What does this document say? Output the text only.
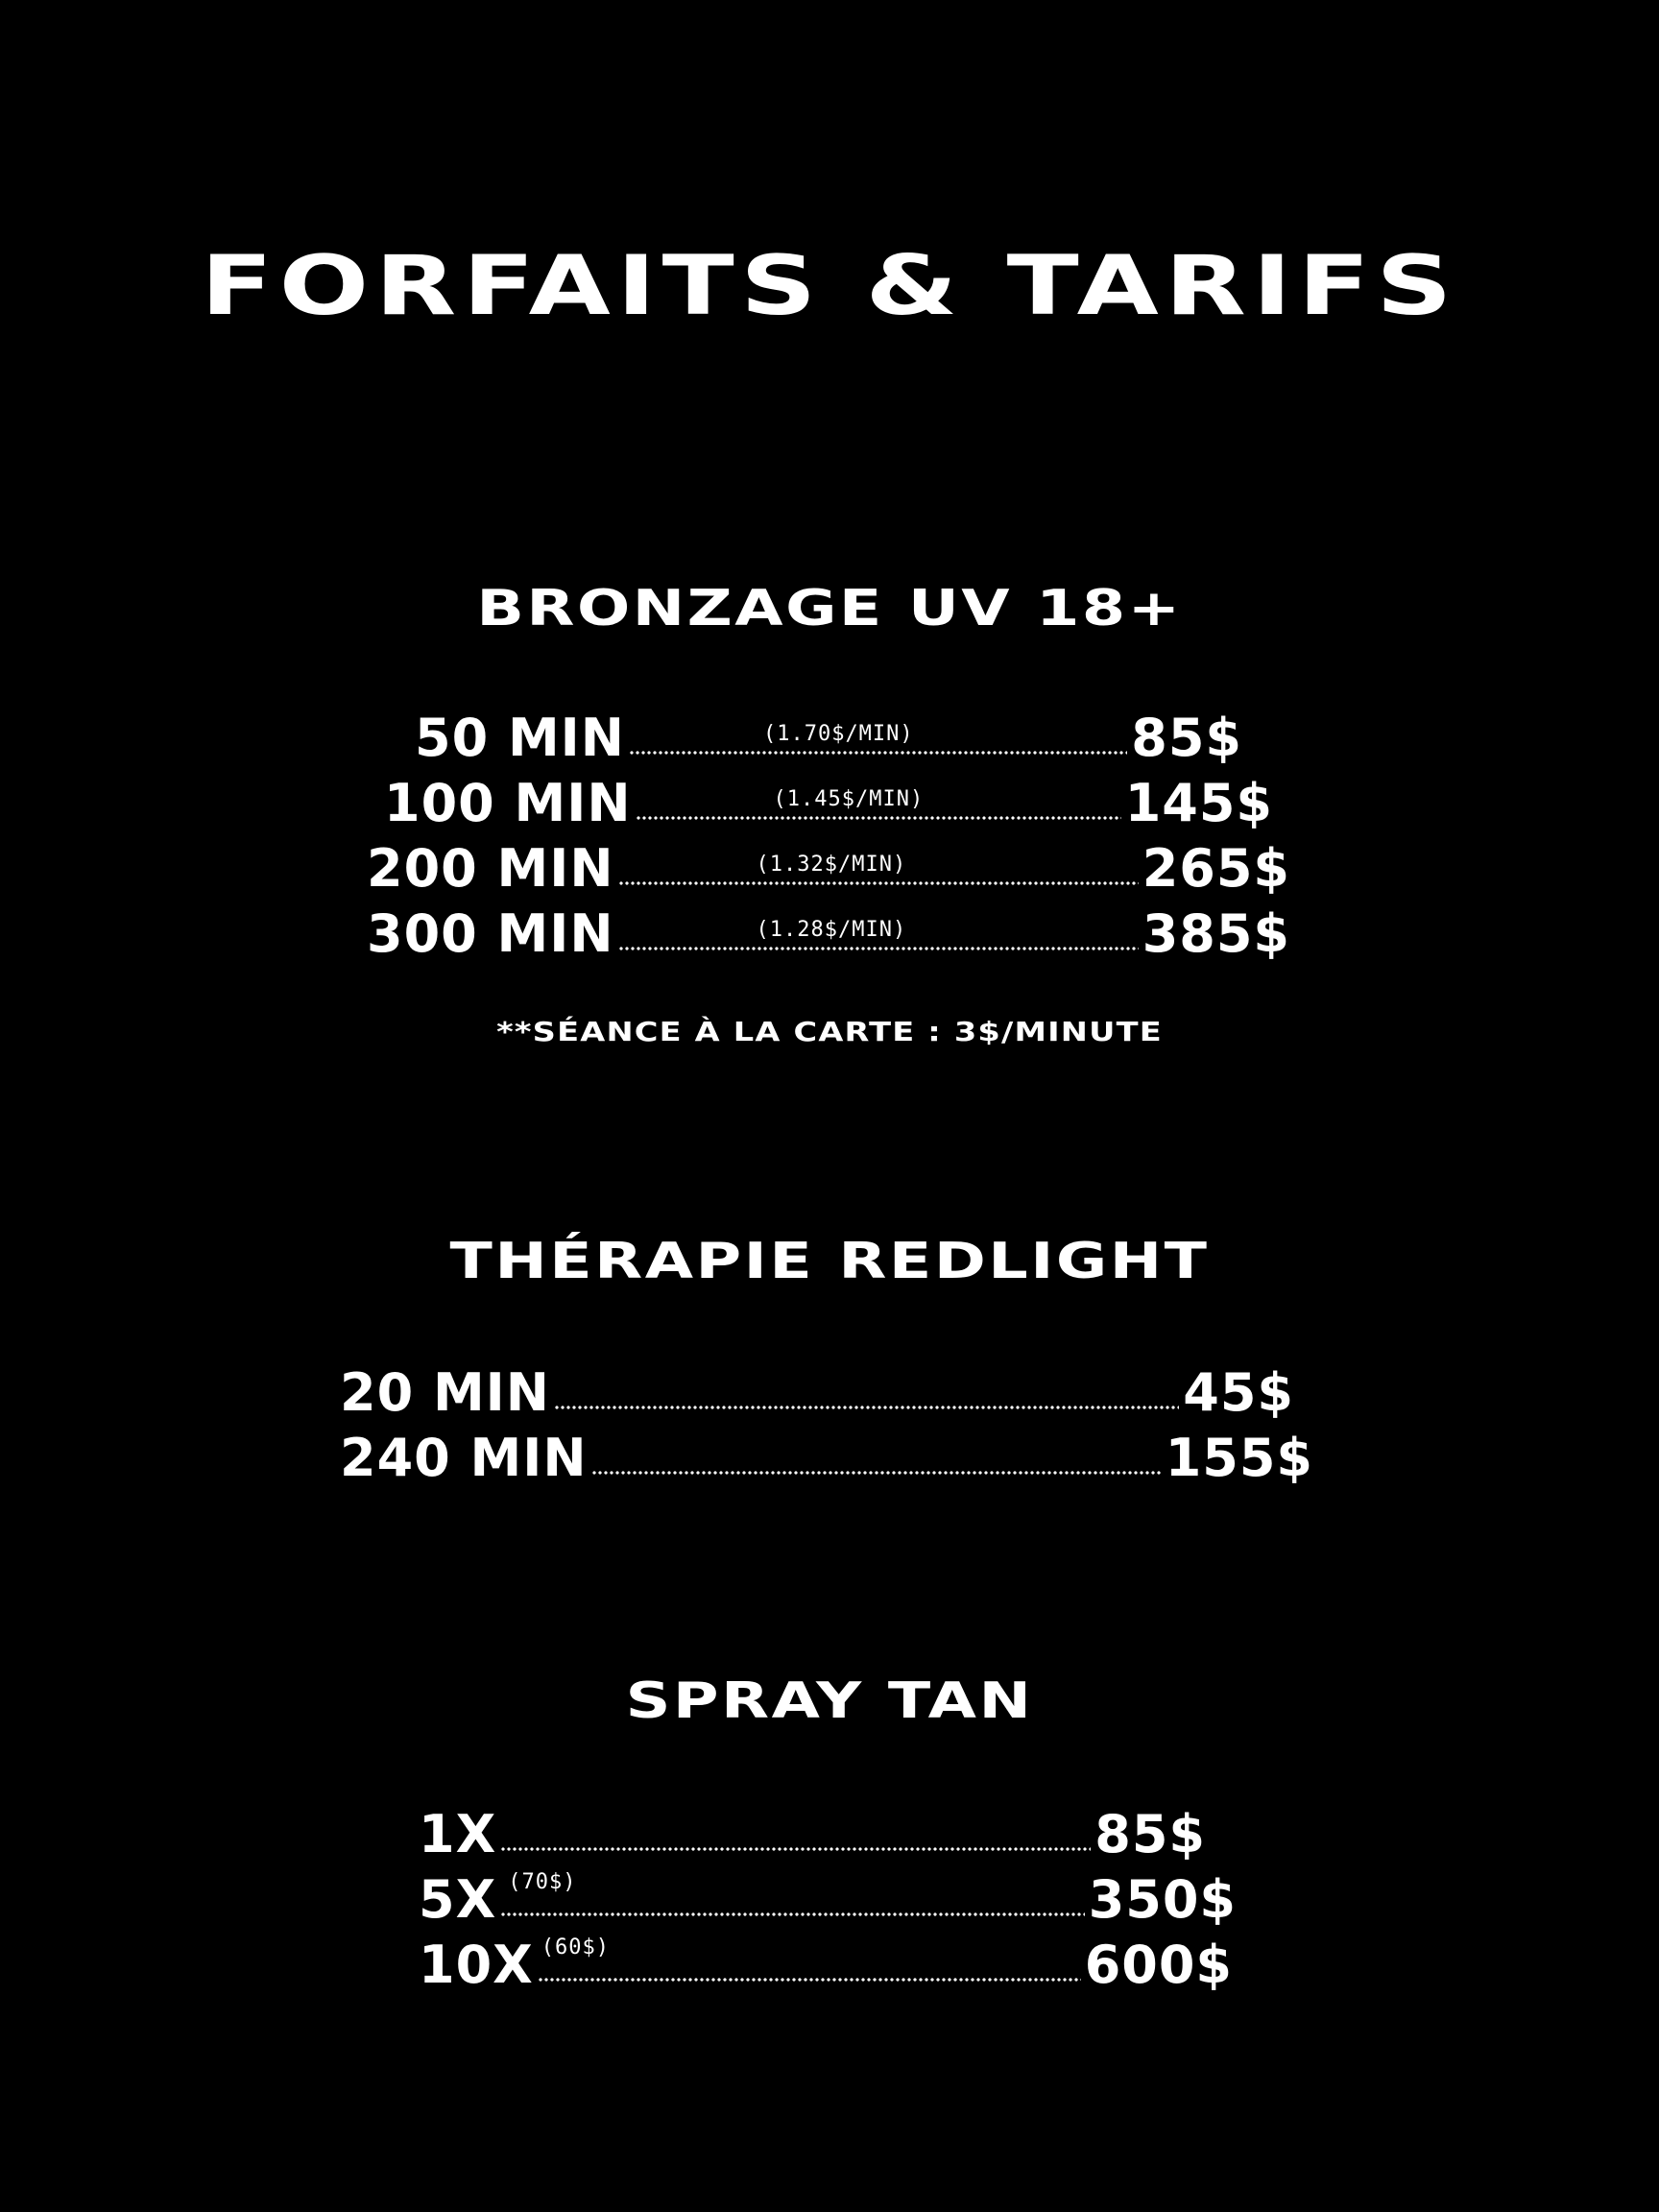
FORFAITS & TARIFS
BRONZAGE UV 18+
50 MIN	(1.70$/MIN)	85$
100 MIN	(1.45$/MIN)	145$
200 MIN	(1.32$/MIN)	265$
300 MIN	(1.28$/MIN)	385$
**SÉANCE À LA CARTE : 3$/MINUTE
THÉRAPIE REDLIGHT
20 MIN	45$
240 MIN	155$
SPRAY TAN
1X	85$
5X (70$)	350$
10X (60$)	600$
